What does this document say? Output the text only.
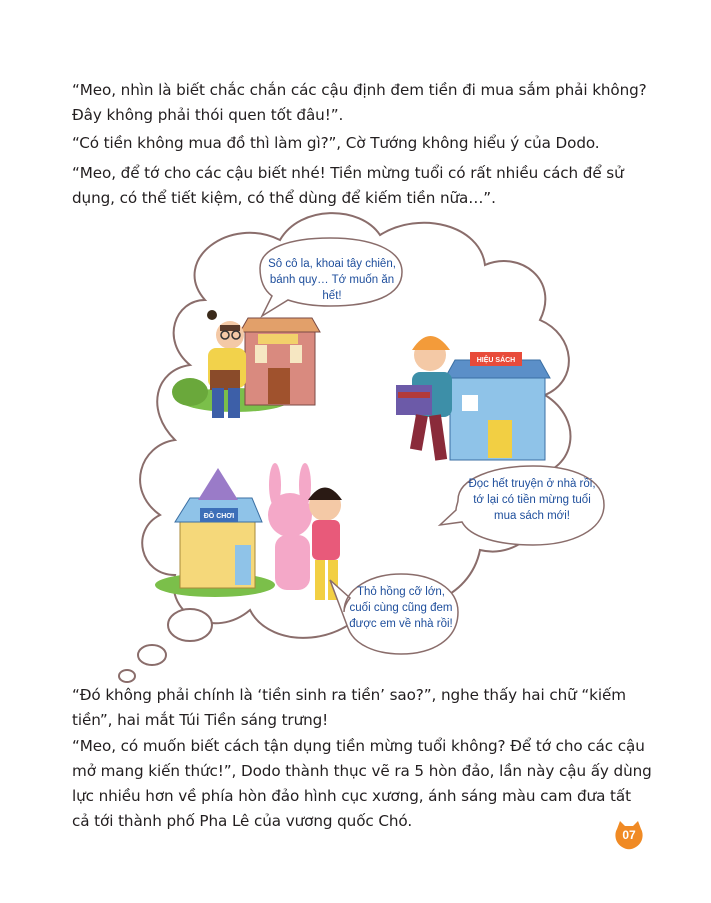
“Meo, nhìn là biết chắc chắn các cậu định đem tiền đi mua sắm phải không? Đây không phải thói quen tốt đâu!”.

“Có tiền không mua đồ thì làm gì?”, Cờ Tướng không hiểu ý của Dodo.

“Meo, để tớ cho các cậu biết nhé! Tiền mừng tuổi có rất nhiều cách để sử dụng, có thể tiết kiệm, có thể dùng để kiếm tiền nữa…”.

HIỆU SÁCH
ĐỒ CHƠI
Sô cô la, khoai tây chiên, bánh quy… Tớ muốn ăn hết!
Đọc hết truyện ở nhà rồi, tớ lại có tiền mừng tuổi mua sách mới!
Thỏ hồng cỡ lớn, cuối cùng cũng đem được em về nhà rồi!

“Đó không phải chính là ‘tiền sinh ra tiền’ sao?”, nghe thấy hai chữ “kiếm tiền”, hai mắt Túi Tiền sáng trưng!

“Meo, có muốn biết cách tận dụng tiền mừng tuổi không? Để tớ cho các cậu mở mang kiến thức!”, Dodo thành thục vẽ ra 5 hòn đảo, lần này cậu ấy dùng lực nhiều hơn về phía hòn đảo hình cục xương, ánh sáng màu cam đưa tất cả tới thành phố Pha Lê của vương quốc Chó.

07
